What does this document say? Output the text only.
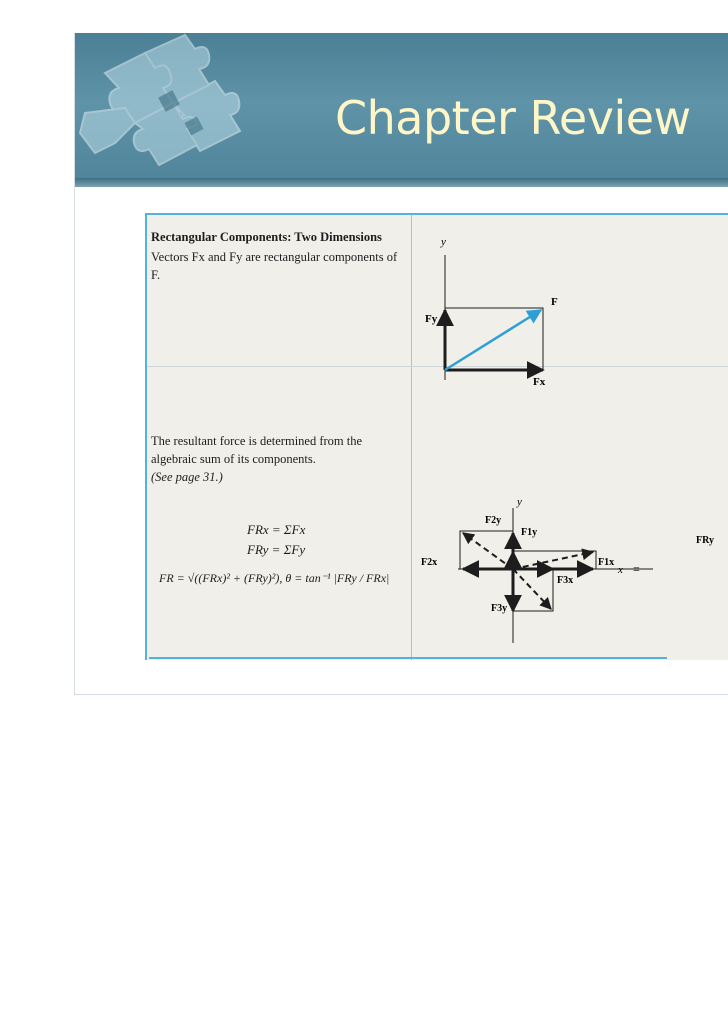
Chapter Review
Rectangular Components: Two Dimensions
Vectors Fx and Fy are rectangular components of F.
The resultant force is determined from the
algebraic sum of its components.
(See page 31.)
FRx = ΣFx
FRy = ΣFy
FR = √((FRx)² + (FRy)²), θ = tan⁻¹ |FRy / FRx|
y
F
Fy
Fx
y
F2y
F1y
F2x	F1x
x =
F3x
F3y
FRy
